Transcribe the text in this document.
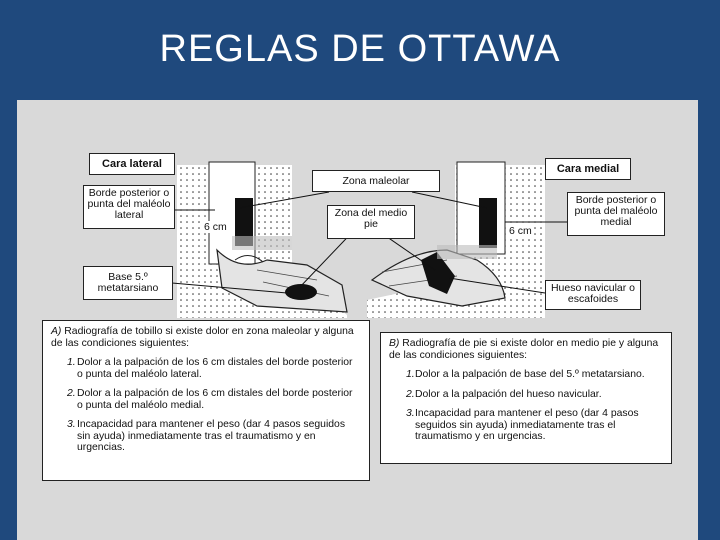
REGLAS DE OTTAWA
Cara lateral
Borde posterior o punta del maléolo lateral
Base 5.º metatarsiano
6 cm
Zona maleolar
Zona del medio pie
Cara medial
Borde posterior o punta del maléolo medial
Hueso navicular o escafoides
6 cm
A) Radiografía de tobillo si existe dolor en zona maleolar y alguna de las condiciones siguientes:
1. Dolor a la palpación de los 6 cm distales del borde posterior o punta del maléolo lateral.
2. Dolor a la palpación de los 6 cm distales del borde posterior o punta del maléolo medial.
3. Incapacidad para mantener el peso (dar 4 pasos seguidos sin ayuda) inmediatamente tras el traumatismo y en urgencias.
B) Radiografía de pie si existe dolor en medio pie y alguna de las condiciones siguientes:
1. Dolor a la palpación de base del 5.º metatarsiano.
2. Dolor a la palpación del hueso navicular.
3. Incapacidad para mantener el peso (dar 4 pasos seguidos sin ayuda) inmediatamente tras el traumatismo y en urgencias.
